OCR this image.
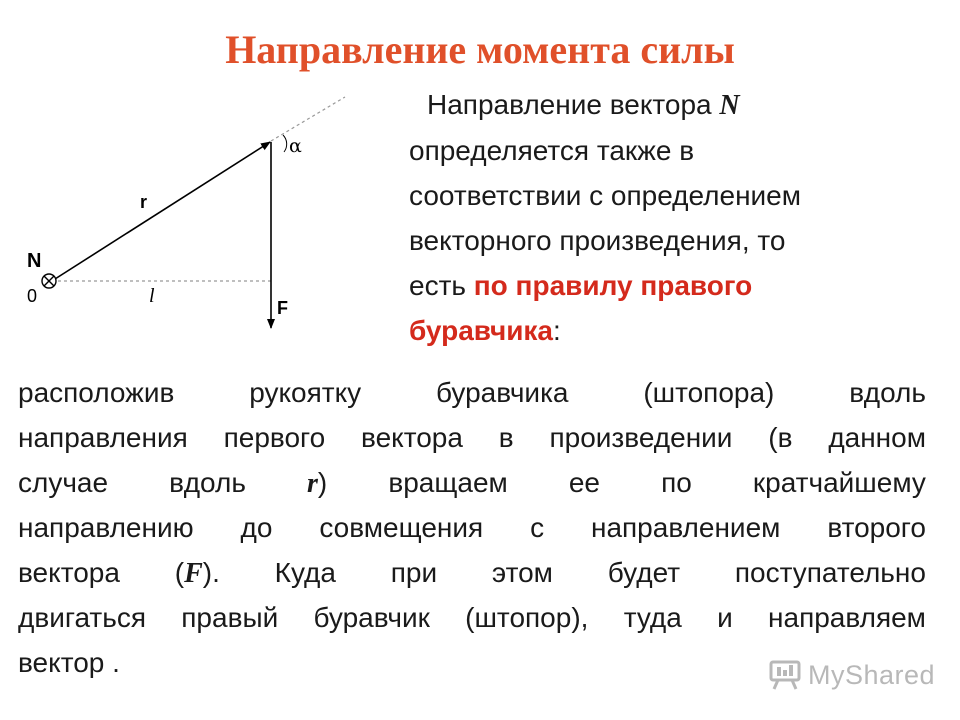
Направление момента силы
N
0
r
l
F
α
Направление вектора N
определяется также в
соответствии с определением
векторного произведения, то
есть по правилу правого
буравчика:
расположив	рукоятку	буравчика	(штопора)	вдоль
направления первого вектора в произведении (в данном
случае вдоль r) вращаем ее по кратчайшему
направлению до совмещения с направлением второго
вектора (F). Куда при этом будет поступательно
двигаться правый буравчик (штопор), туда и направляем
вектор .	MyShared
